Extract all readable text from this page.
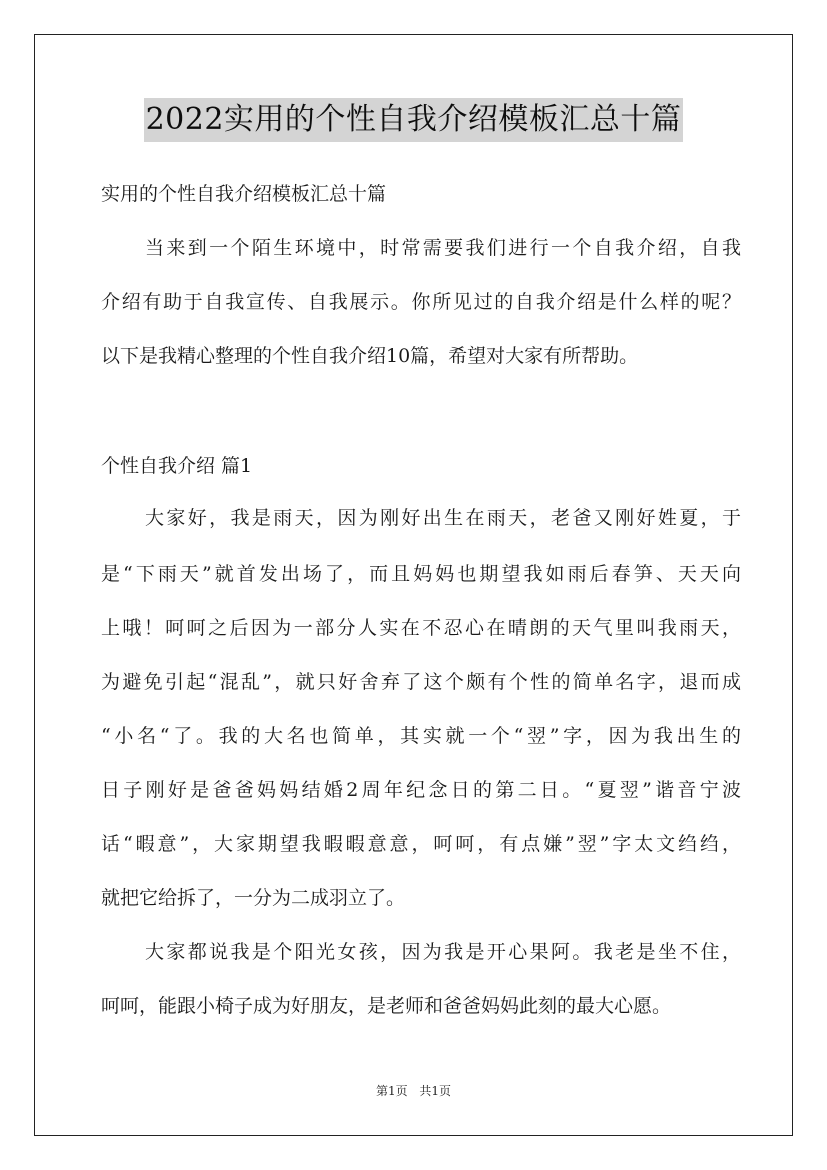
2022实用的个性自我介绍模板汇总十篇
实用的个性自我介绍模板汇总十篇
当来到一个陌生环境中，时常需要我们进行一个自我介绍，自我
介绍有助于自我宣传、自我展示。你所见过的自我介绍是什么样的呢？
以下是我精心整理的个性自我介绍10篇，希望对大家有所帮助。
个性自我介绍 篇1
大家好，我是雨天，因为刚好出生在雨天，老爸又刚好姓夏，于
是“下雨天”就首发出场了，而且妈妈也期望我如雨后春笋、天天向
上哦！呵呵之后因为一部分人实在不忍心在晴朗的天气里叫我雨天，
为避免引起“混乱”，就只好舍弃了这个颇有个性的简单名字，退而成
“小名“了。我的大名也简单，其实就一个“翌”字，因为我出生的
日子刚好是爸爸妈妈结婚2周年纪念日的第二日。“夏翌”谐音宁波
话“暇意”，大家期望我暇暇意意，呵呵，有点嫌”翌”字太文绉绉，
就把它给拆了，一分为二成羽立了。
大家都说我是个阳光女孩，因为我是开心果阿。我老是坐不住，
呵呵，能跟小椅子成为好朋友，是老师和爸爸妈妈此刻的最大心愿。
第1页 共1页
